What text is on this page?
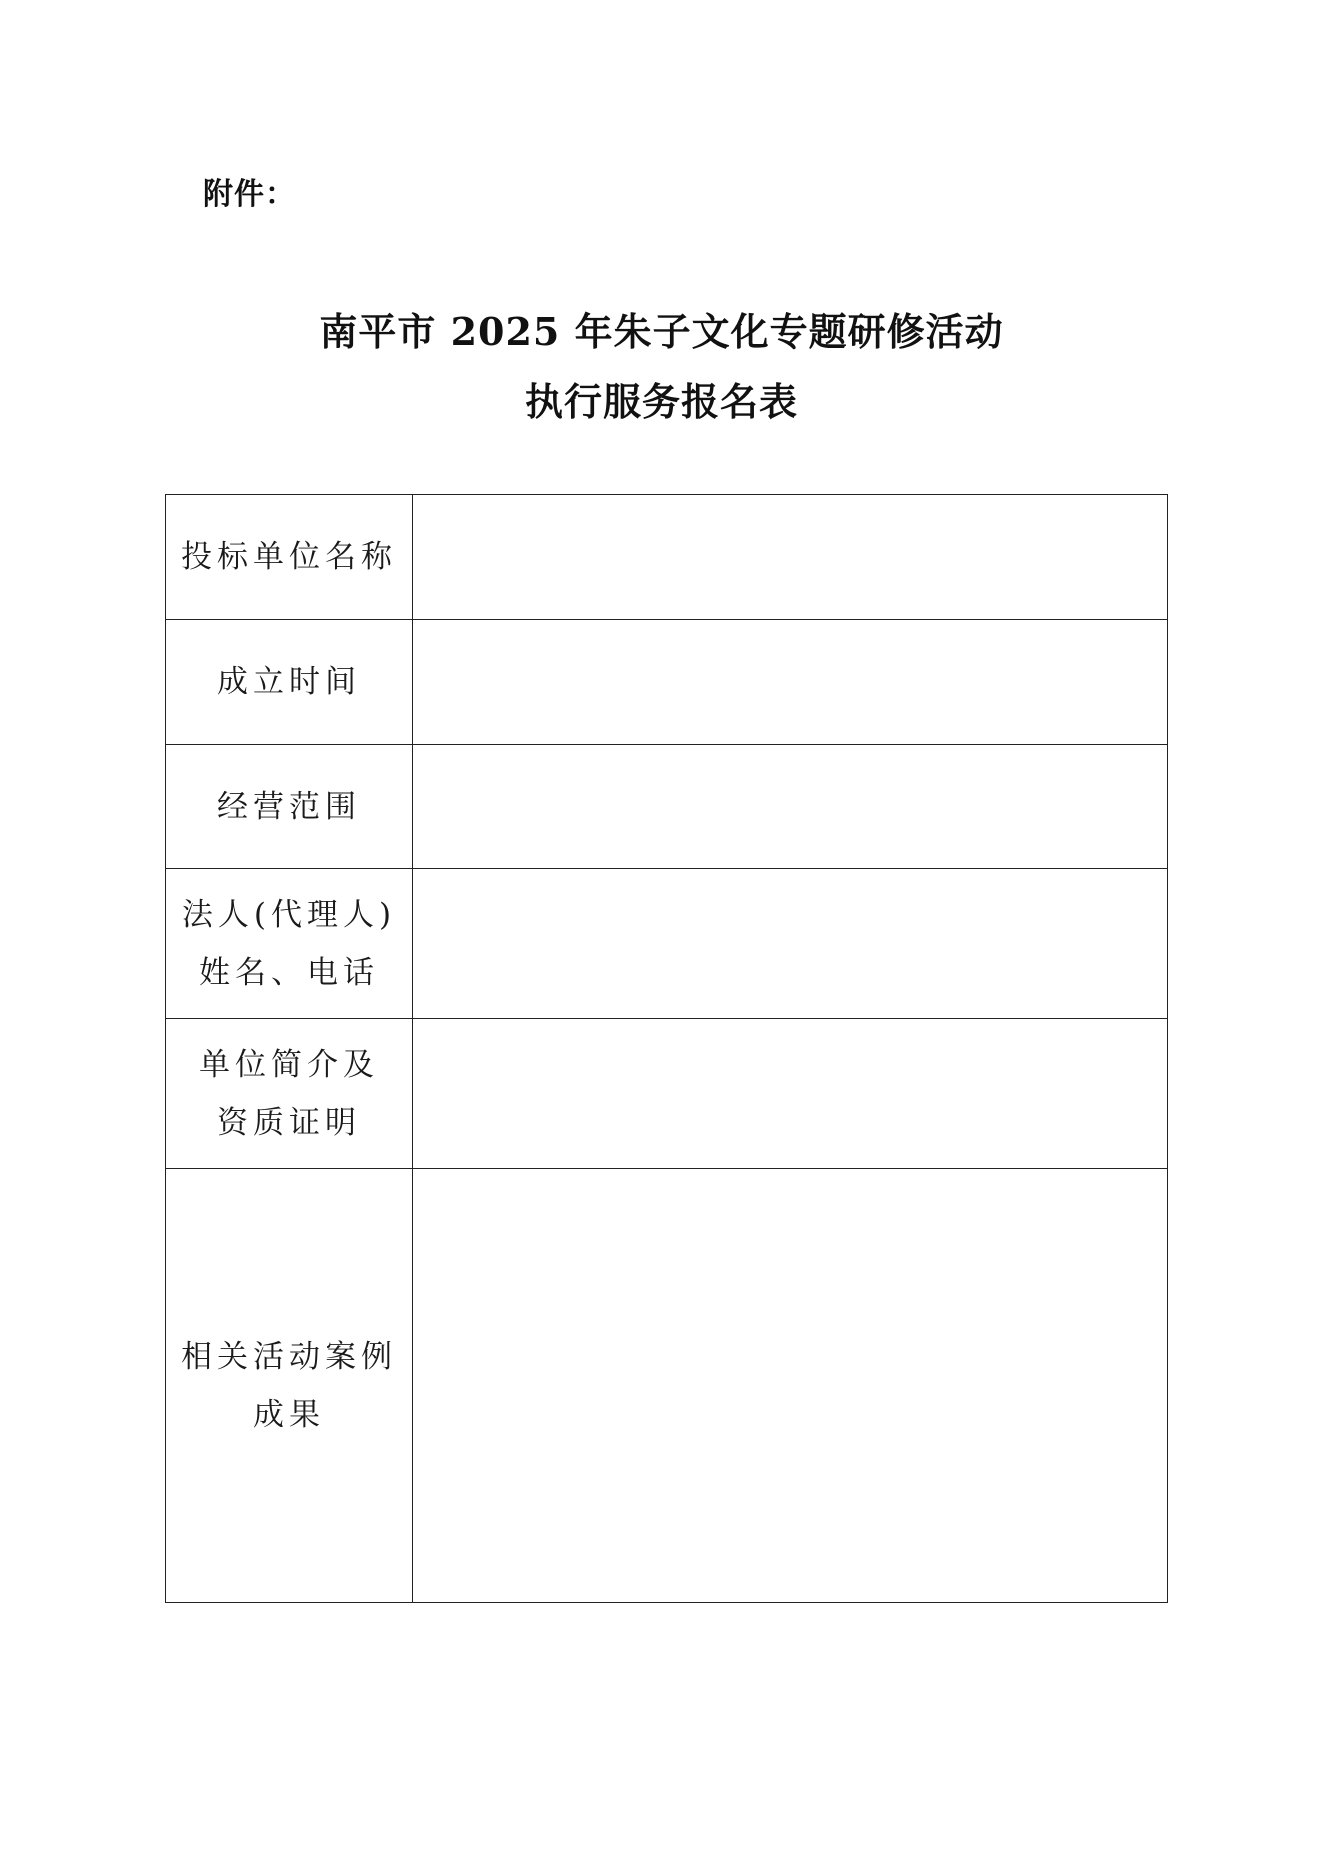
附件：
南平市 2025 年朱子文化专题研修活动
执行服务报名表
投标单位名称	

成立时间	

经营范围	

法人(代理人)
姓名、电话	

单位简介及
资质证明	

相关活动案例
成果	
